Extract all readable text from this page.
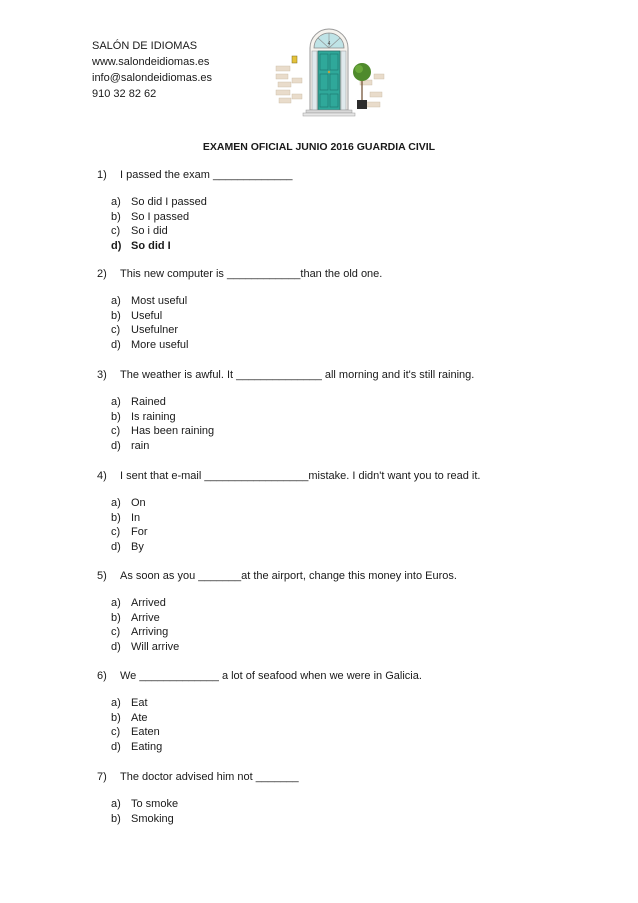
SALÓN DE IDIOMAS
www.salondeidiomas.es
info@salondeidiomas.es
910 32 82 62
4
EXAMEN OFICIAL JUNIO 2016 GUARDIA CIVIL
1) I passed the exam _____________
a) So did I passed
b) So I passed
c) So i did
d) So did I
2) This new computer is ____________than the old one.
a) Most useful
b) Useful
c) Usefulner
d) More useful
3) The weather is awful. It ______________ all morning and it's still raining.
a) Rained
b) Is raining
c) Has been raining
d) rain
4) I sent that e-mail _________________mistake. I didn't want you to read it.
a) On
b) In
c) For
d) By
5) As soon as you _______at the airport, change this money into Euros.
a) Arrived
b) Arrive
c) Arriving
d) Will arrive
6) We _____________ a lot of seafood when we were in Galicia.
a) Eat
b) Ate
c) Eaten
d) Eating
7) The doctor advised him not _______
a) To smoke
b) Smoking
